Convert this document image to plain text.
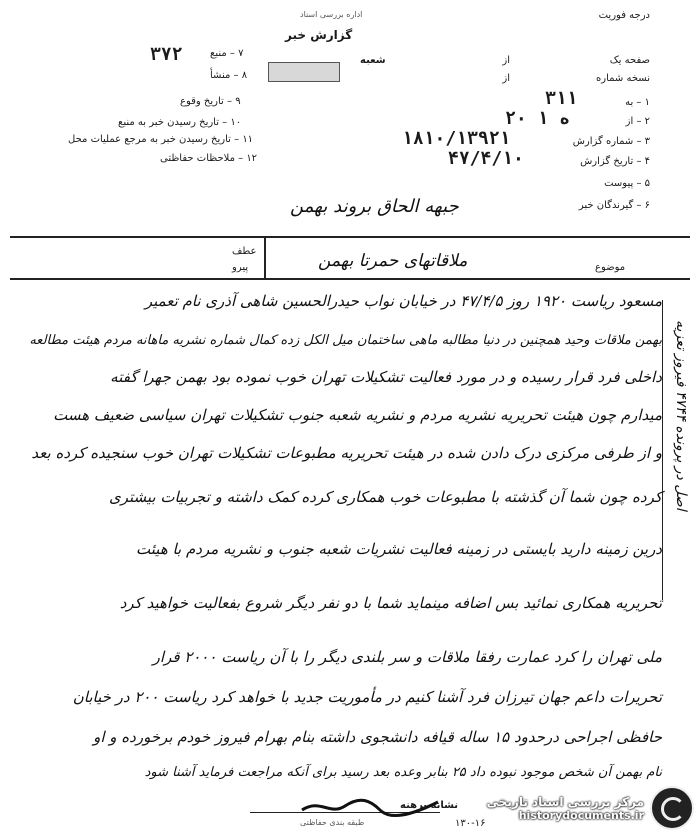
درجه فوریت
اداره بررسی اسناد
گزارش خبر
۳۷۲	۷ – منبع
۸ – منشأ
۹ – تاریخ وقوع
۱۰ – تاریخ رسیدن خبر به منبع
۱۱ – تاریخ رسیدن خبر به مرجع عملیات محل
۱۲ – ملاحظات حفاظتی
شعبه	صفحه یک
از
نسخه شماره
از
۱ – به
۳۱۱
۲ – از
۲۰ ه ۱
۳ – شماره گزارش
۱۸۱۰/۱۳۹۲۱
۴ – تاریخ گزارش
۴۷/۴/۱۰
۵ – پیوست
۶ – گیرندگان خبر
جبهه الحاق بروند بهمن
عطف
پیرو	موضوع
ملاقاتهای حمرتا بهمن
مسعود ریاست ۱۹۲۰ روز ۴۷/۴/۵ در خیابان نواب حیدرالحسین شاهی آذری نام تعمیر
بهمن ملاقات وحید همچنین در دنیا مطالبه ماهی ساختمان میل الکل زده کمال شماره نشریه ماهانه مردم هیئت مطالعه
داخلی فرد قرار رسیده و در مورد فعالیت تشکیلات تهران خوب نموده بود بهمن جهرا گفته
میدارم چون هیئت تحریریه نشریه مردم و نشریه شعبه جنوب تشکیلات تهران سیاسی ضعیف هست
و از طرفی مرکزی درک دادن شده در هیئت تحریریه مطبوعات تشکیلات تهران خوب سنجیده کرده بعد
کرده چون شما آن گذشته با مطبوعات خوب همکاری کرده کمک داشته و تجربیات بیشتری
درین زمینه دارید بایستی در زمینه فعالیت نشریات شعبه جنوب و نشریه مردم با هیئت
تحریریه همکاری نمائید بس اضافه مینماید شما با دو نفر دیگر شروع بفعالیت خواهید کرد
ملی تهران را کرد عمارت رفقا ملاقات و سر بلندی دیگر را با آن ریاست ۲۰۰۰ قرار
تحریرات داعم جهان تیرزان فرد آشنا کنیم در مأموریت جدید با خواهد کرد ریاست ۲۰۰ در خیابان
حافظی اجراحی درحدود ۱۵ ساله قیافه دانشجوی داشته بنام بهرام فیروز خودم برخورده و او
نام بهمن آن شخص موجود نبوده داد ۲۵ بنابر وعده بعد رسید برای آنکه مراجعت فرماید آشنا شود
اصل در پرونده ۴۷۴۴ فیروز تعزیه
طبقه بندی حفاظتی
نشانه برهنه
۱۳۰-۱۶
مرکز بررسی اسناد تاریخی
historydocuments.ir
